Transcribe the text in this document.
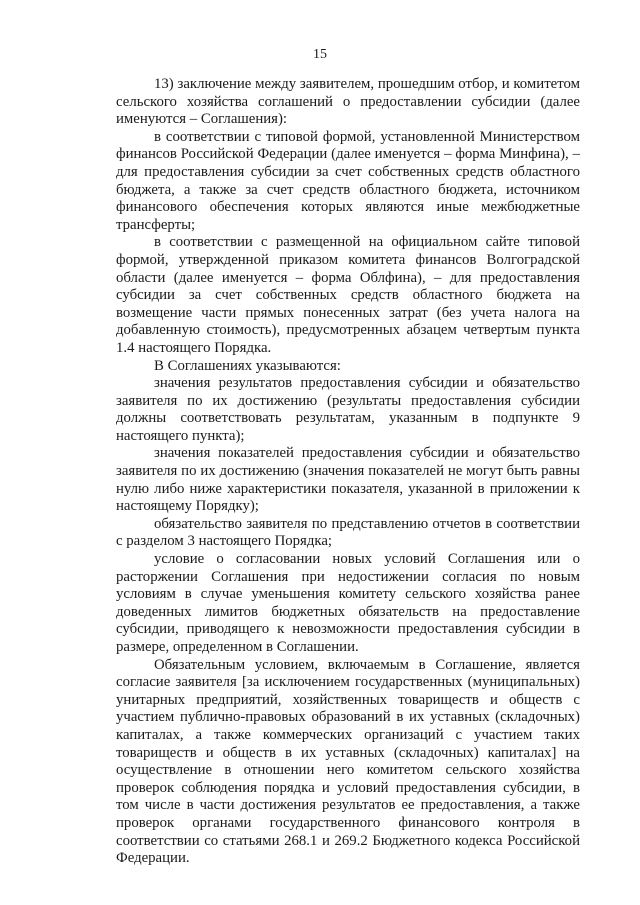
15

13) заключение между заявителем, прошедшим отбор, и комитетом сельского хозяйства соглашений о предоставлении субсидии (далее именуются – Соглашения):

в соответствии с типовой формой, установленной Министерством финансов Российской Федерации (далее именуется – форма Минфина), – для предоставления субсидии за счет собственных средств областного бюджета, а также за счет средств областного бюджета, источником финансового обеспечения которых являются иные межбюджетные трансферты;

в соответствии с размещенной на официальном сайте типовой формой, утвержденной приказом комитета финансов Волгоградской области (далее именуется – форма Облфина), – для предоставления субсидии за счет собственных средств областного бюджета на возмещение части прямых понесенных затрат (без учета налога на добавленную стоимость), предусмотренных абзацем четвертым пункта 1.4 настоящего Порядка.

В Соглашениях указываются:

значения результатов предоставления субсидии и обязательство заявителя по их достижению (результаты предоставления субсидии должны соответствовать результатам, указанным в подпункте 9 настоящего пункта);

значения показателей предоставления субсидии и обязательство заявителя по их достижению (значения показателей не могут быть равны нулю либо ниже характеристики показателя, указанной в приложении к настоящему Порядку);

обязательство заявителя по представлению отчетов в соответствии с разделом 3 настоящего Порядка;

условие о согласовании новых условий Соглашения или о расторжении Соглашения при недостижении согласия по новым условиям в случае уменьшения комитету сельского хозяйства ранее доведенных лимитов бюджетных обязательств на предоставление субсидии, приводящего к невозможности предоставления субсидии в размере, определенном в Соглашении.

Обязательным условием, включаемым в Соглашение, является согласие заявителя [за исключением государственных (муниципальных) унитарных предприятий, хозяйственных товариществ и обществ с участием публично-правовых образований в их уставных (складочных) капиталах, а также коммерческих организаций с участием таких товариществ и обществ в их уставных (складочных) капиталах] на осуществление в отношении него комитетом сельского хозяйства проверок соблюдения порядка и условий предоставления субсидии, в том числе в части достижения результатов ее предоставления, а также проверок органами государственного финансового контроля в соответствии со статьями 268.1 и 269.2 Бюджетного кодекса Российской Федерации.
